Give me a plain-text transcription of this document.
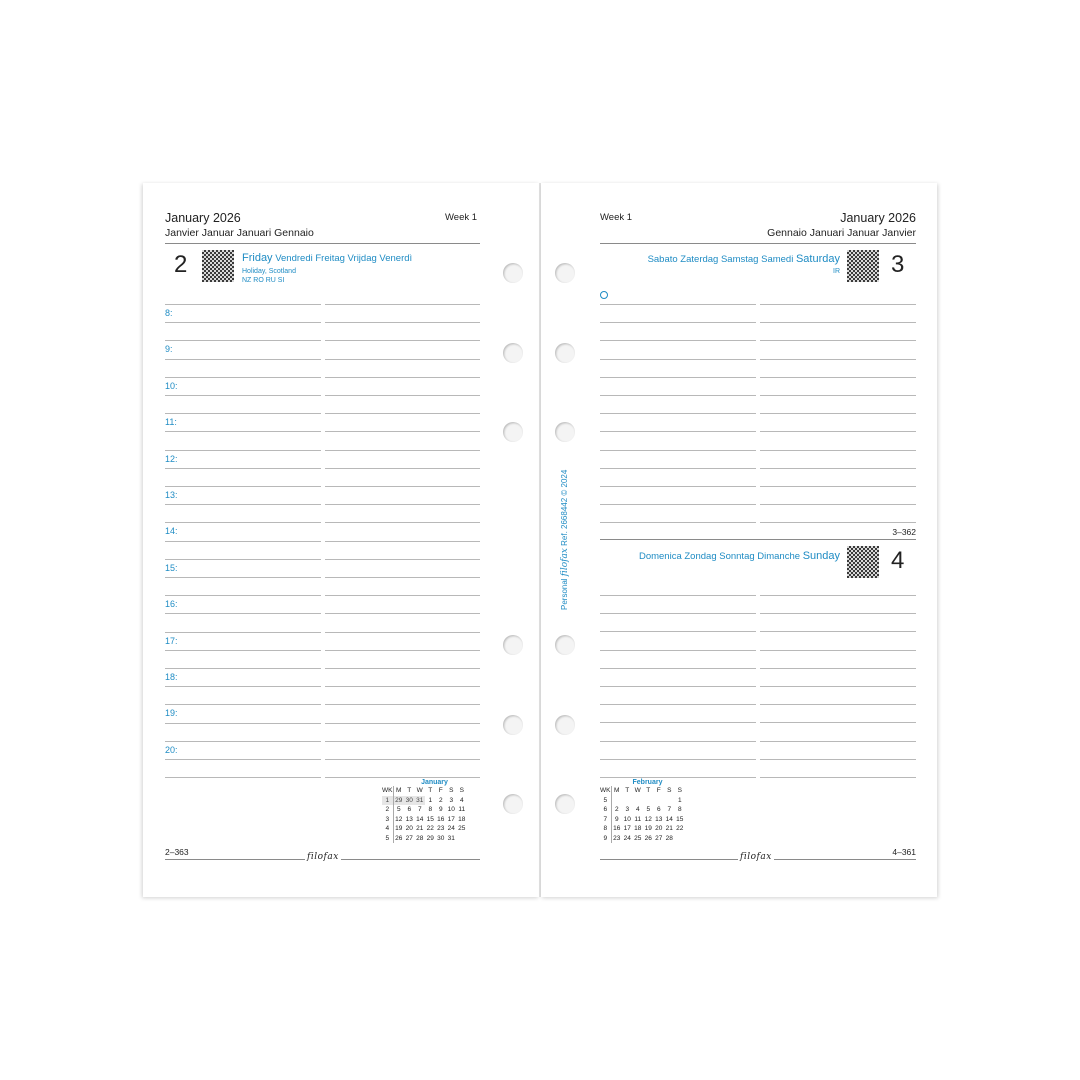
January 2026
Janvier Januar Januari Gennaio
Week 1
2	Friday Vendredi Freitag Vrijdag Venerdì
Holiday, Scotland
NZ RO RU SI
8:
9:
10:
11:
12:
13:
14:
15:
16:
17:
18:
19:
20:
January
WK	M	T	W	T	F	S	S
1	29	30	31	1	2	3	4
2	5	6	7	8	9	10	11
3	12	13	14	15	16	17	18
4	19	20	21	22	23	24	25
5	26	27	28	29	30	31	
2–363	filofax
Week 1	January 2026
Gennaio Januari Januar Janvier
Sabato Zaterdag Samstag Samedi Saturday
IR 3
3–362
Domenica Zondag Sonntag Dimanche Sunday 4
February
WK	M	T	W	T	F	S	S
5							1
6	2	3	4	5	6	7	8
7	9	10	11	12	13	14	15
8	16	17	18	19	20	21	22
9	23	24	25	26	27	28	
4–361
filofax
Personal filofax Ref. 2668442 © 2024
